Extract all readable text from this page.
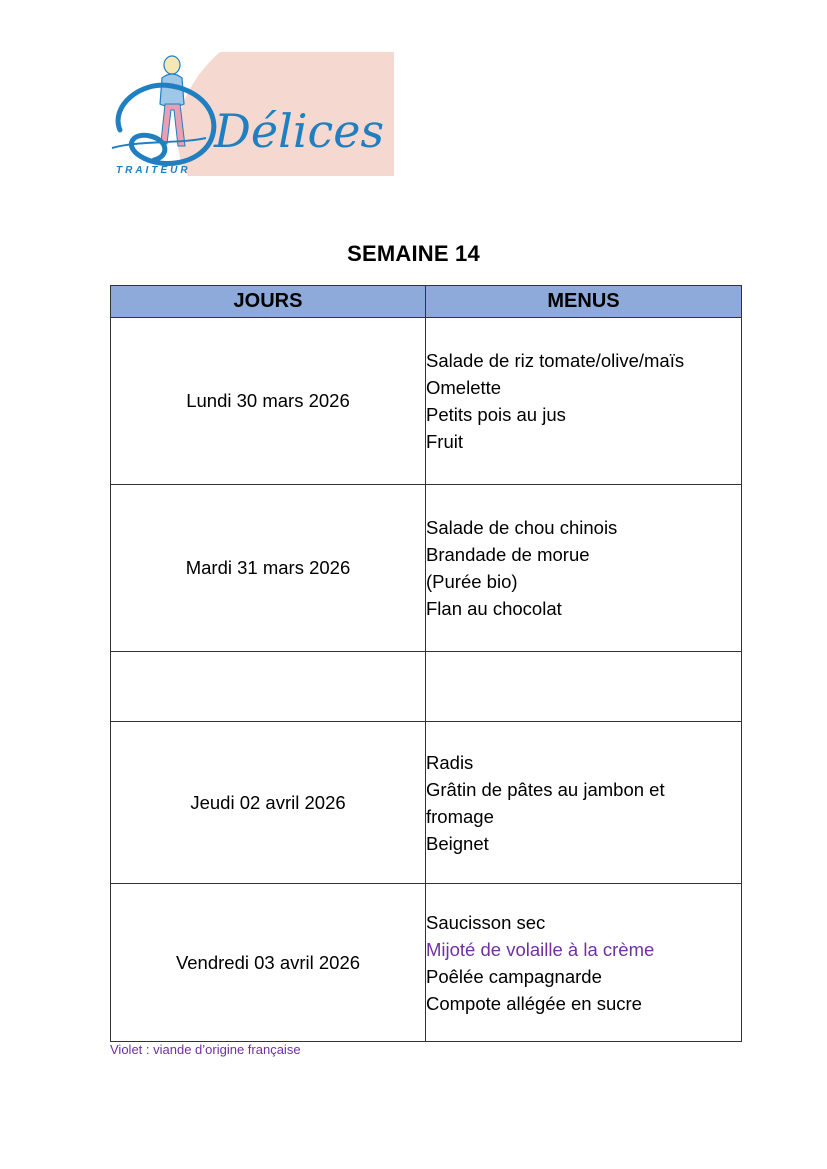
Délices
TRAITEUR
SEMAINE 14
JOURS	MENUS
Lundi 30 mars 2026	Salade de riz tomate/olive/maïs
Omelette
Petits pois au jus
Fruit

Mardi 31 mars 2026	Salade de chou chinois
Brandade de morue
(Purée bio)
Flan au chocolat

Jeudi 02 avril 2026	Radis
Grâtin de pâtes au jambon et fromage
Beignet

Vendredi 03 avril 2026	Saucisson sec
Mijoté de volaille à la crème
Poêlée campagnarde
Compote allégée en sucre
Violet : viande d’origine française
